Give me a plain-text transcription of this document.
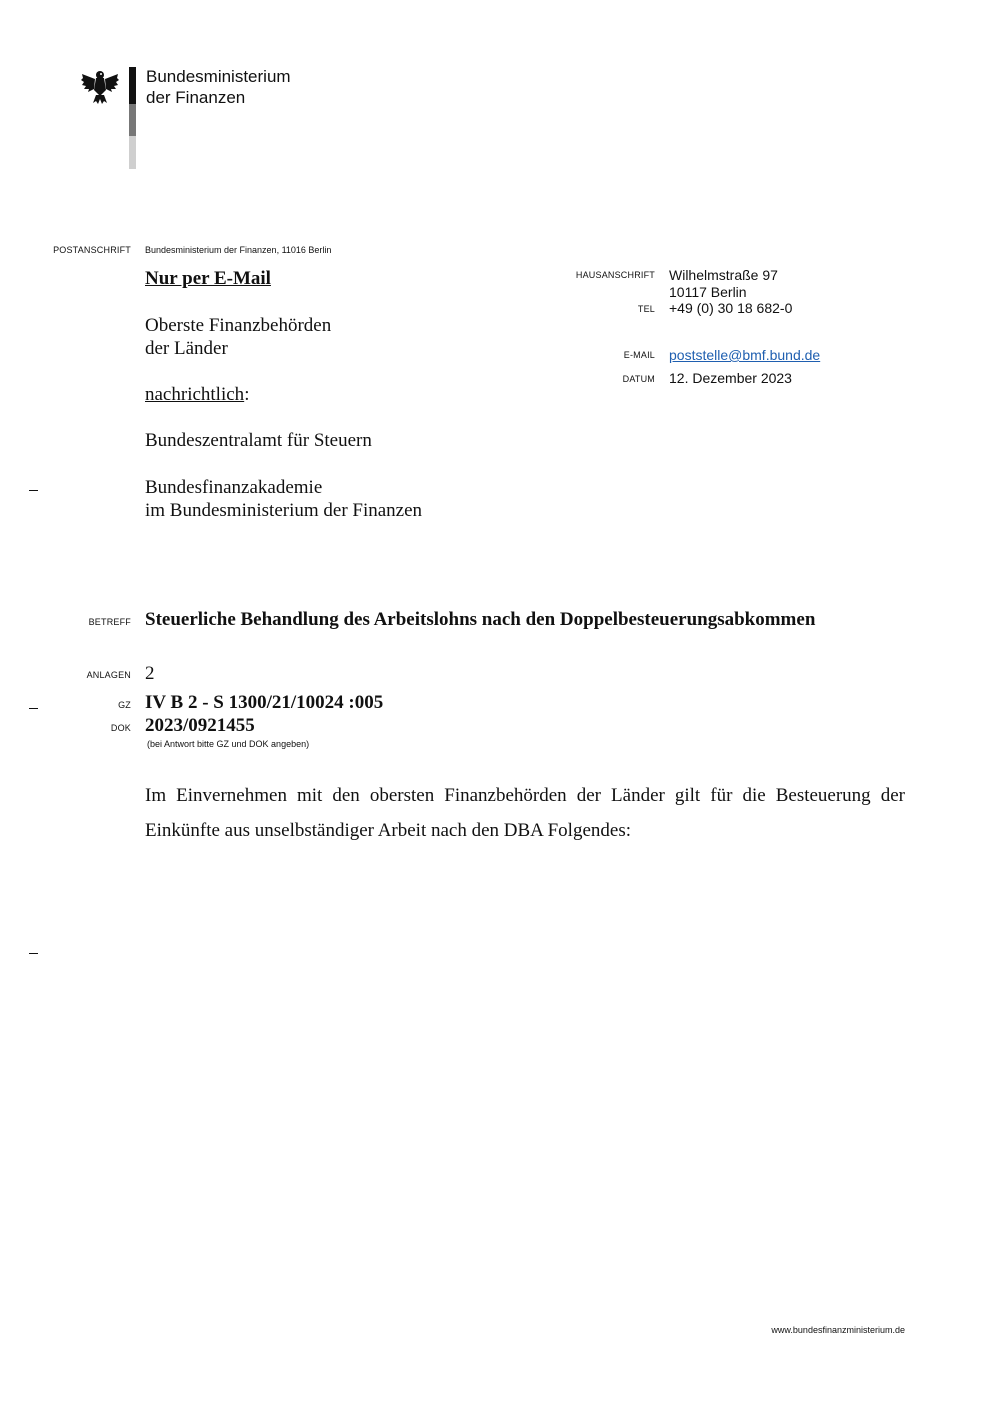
Bundesministerium
der Finanzen
POSTANSCHRIFT Bundesministerium der Finanzen, 11016 Berlin
Nur per E-Mail
Oberste Finanzbehörden
der Länder
nachrichtlich:
Bundeszentralamt für Steuern
Bundesfinanzakademie
im Bundesministerium der Finanzen
HAUSANSCHRIFT Wilhelmstraße 97
10117 Berlin
TEL +49 (0) 30 18 682-0
E-MAIL poststelle@bmf.bund.de
DATUM 12. Dezember 2023
BETREFF Steuerliche Behandlung des Arbeitslohns nach den Doppelbesteuerungsabkommen
ANLAGEN 2
GZ IV B 2 - S 1300/21/10024 :005
DOK 2023/0921455
(bei Antwort bitte GZ und DOK angeben)
Im Einvernehmen mit den obersten Finanzbehörden der Länder gilt für die Besteuerung der
Einkünfte aus unselbständiger Arbeit nach den DBA Folgendes:
www.bundesfinanzministerium.de
